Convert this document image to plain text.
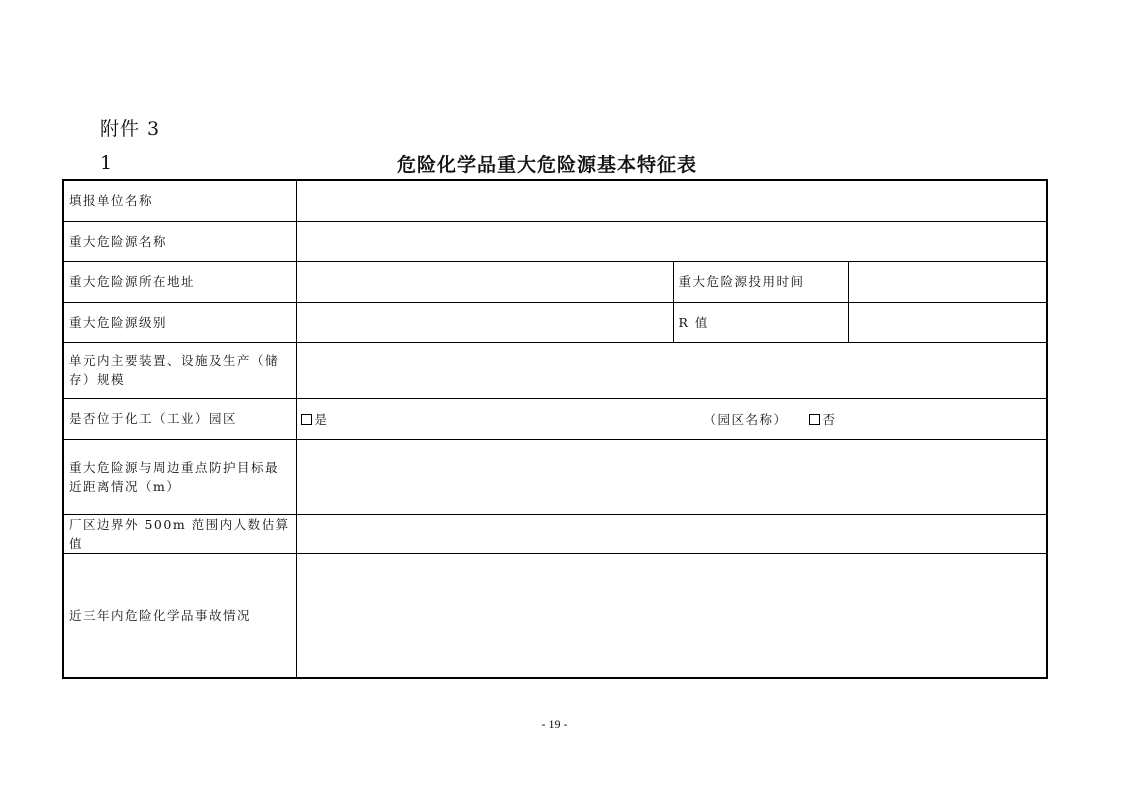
附件 3
1	危险化学品重大危险源基本特征表
填报单位名称			
重大危险源名称			
重大危险源所在地址		重大危险源投用时间	
重大危险源级别		R 值	
单元内主要装置、设施及生产（储存）规模			
是否位于化工（工业）园区	是 （园区名称） 否		

重大危险源与周边重点防护目标最近距离情况（m）			
厂区边界外 500m 范围内人数估算值			
近三年内危险化学品事故情况			
- 19 -
